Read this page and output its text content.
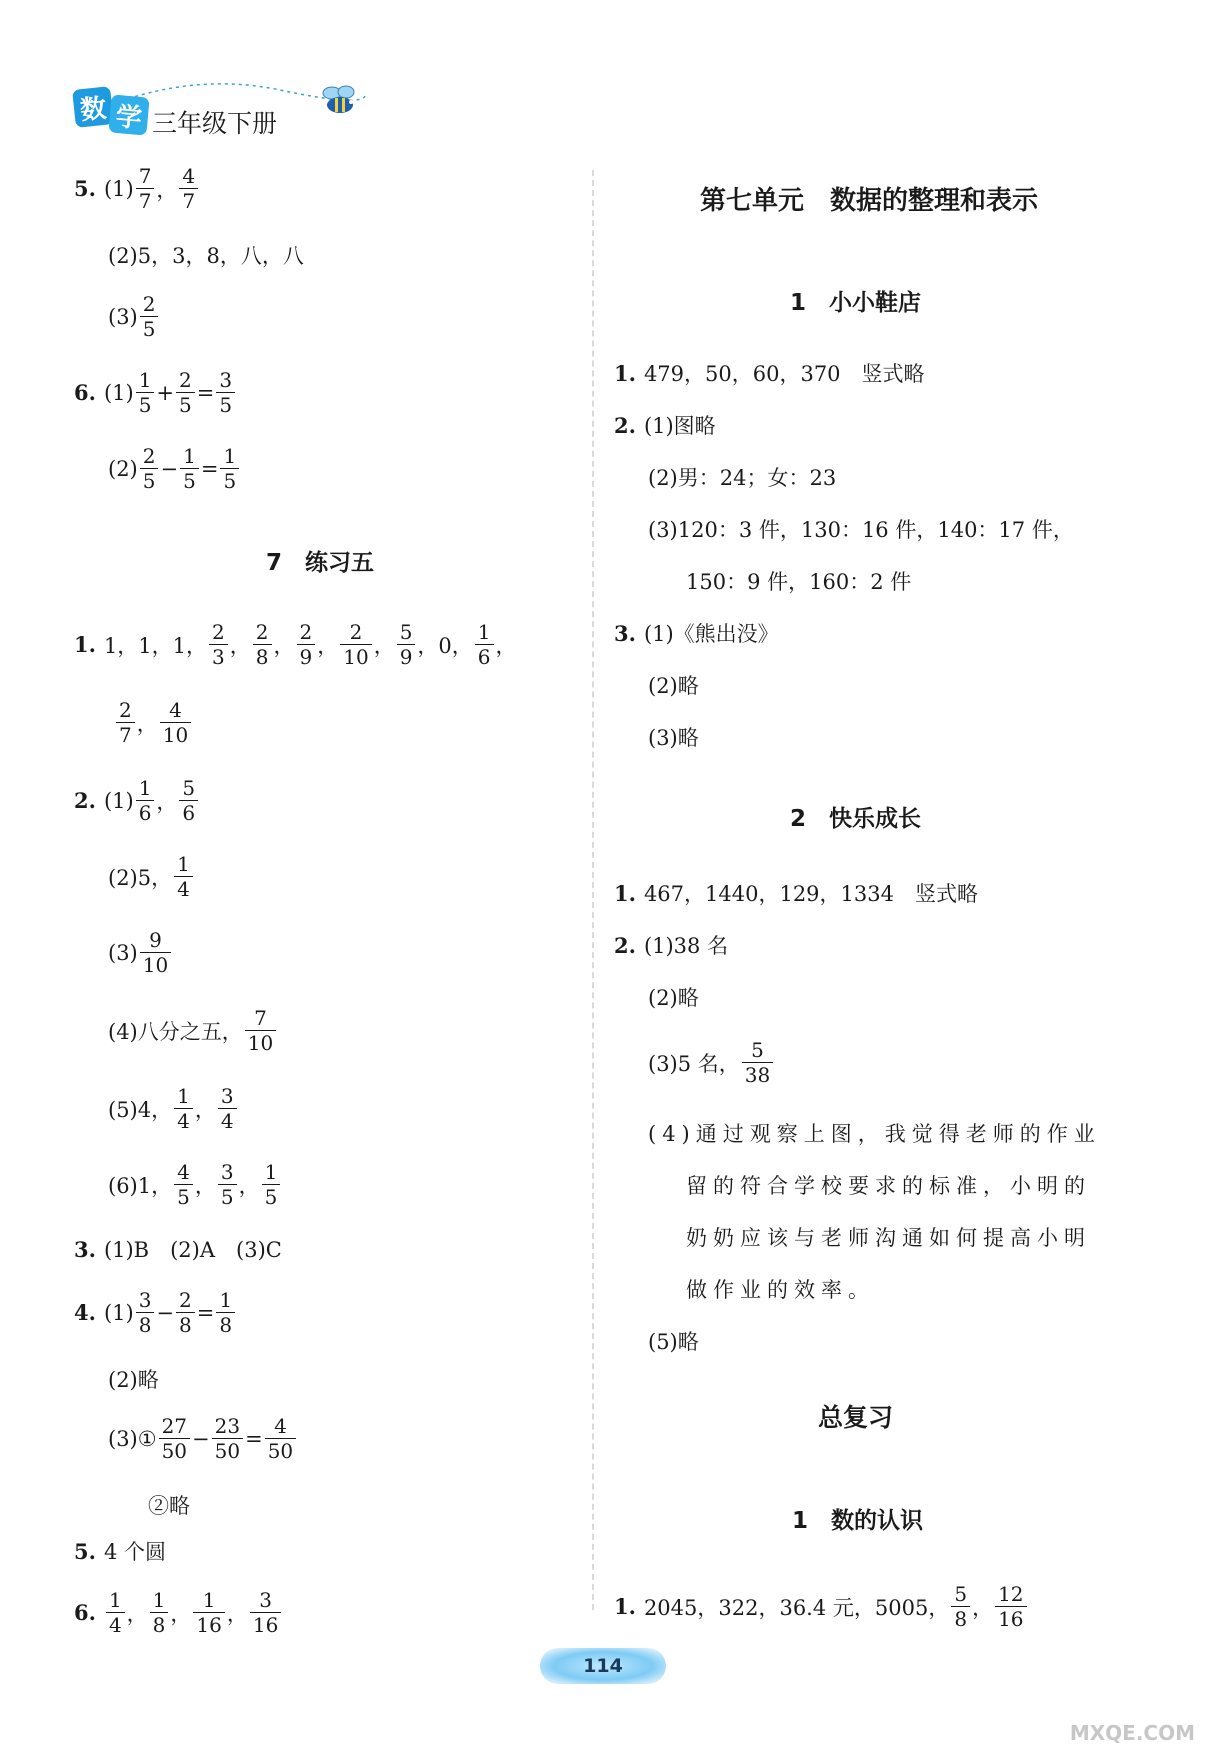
数 学 三年级下册
5. $(1) \frac{7}{7}$ ， $\frac{4}{7}$
(2)5，3，8，八，八
$(3) \frac{2}{5}$
6. $(1) \frac{1}{5} + \frac{2}{5} = \frac{3}{5}$
$(2) \frac{2}{5} - \frac{1}{5} = \frac{1}{5}$
7　练习五
1. 1，1，1， $\frac{2}{3}$ ， $\frac{2}{8}$ ， $\frac{2}{9}$ ， $\frac{2}{10}$ ， $\frac{5}{9}$ ， 0， $\frac{1}{6}$ ，
$\frac{2}{7}$ ， $\frac{4}{10}$
2. $(1) \frac{1}{6}$ ， $\frac{5}{6}$
(2)5， $\frac{1}{4}$
$(3) \frac{9}{10}$
(4)八分之五， $\frac{7}{10}$
(5)4， $\frac{1}{4}$ ， $\frac{3}{4}$
(6)1， $\frac{4}{5}$ ， $\frac{3}{5}$ ， $\frac{1}{5}$
3. (1)B　(2)A　(3)C
4. $(1) \frac{3}{8} - \frac{2}{8} = \frac{1}{8}$
(2)略
(3)① $\frac{27}{50} - \frac{23}{50} = \frac{4}{50}$
②略
5. 4 个圆
6. $\frac{1}{4}$ ， $\frac{1}{8}$ ， $\frac{1}{16}$ ， $\frac{3}{16}$
第七单元　数据的整理和表示
1　小小鞋店
1. 479，50，60，370　竖式略
2. (1)图略
(2)男：24；女：23
(3)120：3 件，130：16 件，140：17 件，
150：9 件，160：2 件
3. (1)《熊出没》
(2)略
(3)略
2　快乐成长
1. 467，1440，129，1334　竖式略
2. (1)38 名
(2)略
(3)5 名， $\frac{5}{38}$
(4)通过观察上图，我觉得老师的作业
留的符合学校要求的标准，小明的
奶奶应该与老师沟通如何提高小明
做作业的效率。
(5)略
总复习
1　数的认识
1. 2045，322，36.4 元，5005， $\frac{5}{8}$ ， $\frac{12}{16}$
114
MXQE.COM
